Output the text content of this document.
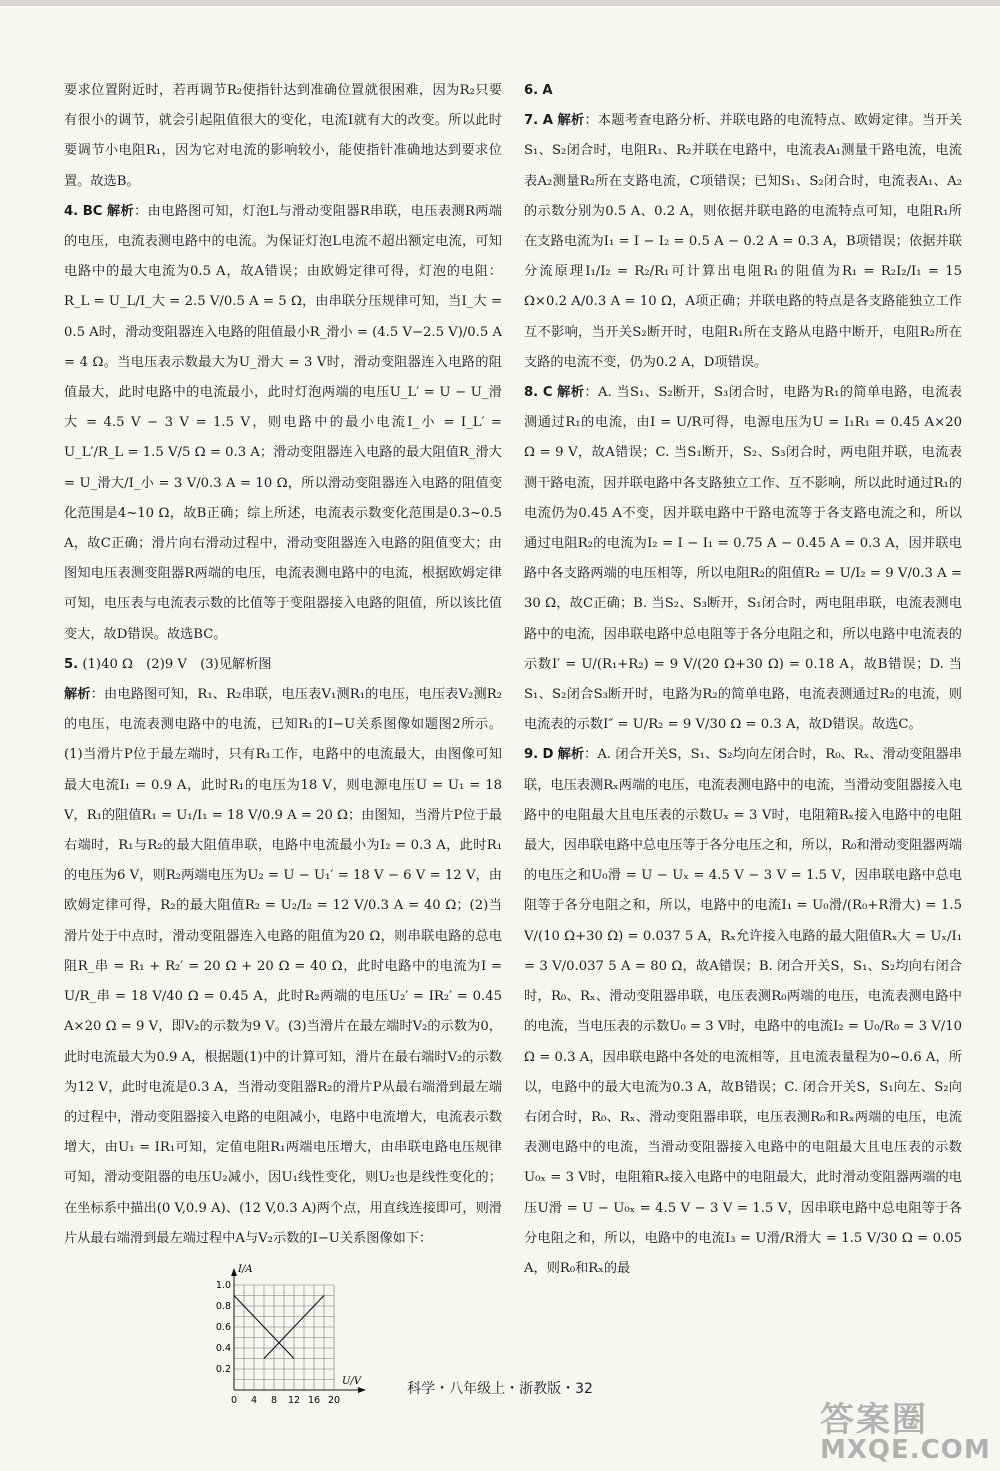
要求位置附近时，若再调节R₂使指针达到准确位置就很困难，因为R₂只要有很小的调节，就会引起阻值很大的变化，电流I就有大的改变。所以此时要调节小电阻R₁，因为它对电流的影响较小，能使指针准确地达到要求位置。故选B。

4. BC 解析：由电路图可知，灯泡L与滑动变阻器R串联，电压表测R两端的电压，电流表测电路中的电流。为保证灯泡L电流不超出额定电流，可知电路中的最大电流为0.5 A，故A错误；由欧姆定律可得，灯泡的电阻：R_L = U_L/I_大 = 2.5 V/0.5 A = 5 Ω，由串联分压规律可知，当I_大 = 0.5 A时，滑动变阻器连入电路的阻值最小R_滑小 = (4.5 V−2.5 V)/0.5 A = 4 Ω。当电压表示数最大为U_滑大 = 3 V时，滑动变阻器连入电路的阻值最大，此时电路中的电流最小，此时灯泡两端的电压U_L′ = U − U_滑大 = 4.5 V − 3 V = 1.5 V，则电路中的最小电流I_小 = I_L′ = U_L′/R_L = 1.5 V/5 Ω = 0.3 A；滑动变阻器连入电路的最大阻值R_滑大 = U_滑大/I_小 = 3 V/0.3 A = 10 Ω，所以滑动变阻器连入电路的阻值变化范围是4~10 Ω，故B正确；综上所述，电流表示数变化范围是0.3~0.5 A，故C正确；滑片向右滑动过程中，滑动变阻器连入电路的阻值变大；由图知电压表测变阻器R两端的电压，电流表测电路中的电流，根据欧姆定律可知，电压表与电流表示数的比值等于变阻器接入电路的阻值，所以该比值变大，故D错误。故选BC。

5. (1)40 Ω　(2)9 V　(3)见解析图
解析：由电路图可知，R₁、R₂串联，电压表V₁测R₁的电压，电压表V₂测R₂的电压，电流表测电路中的电流，已知R₁的I−U关系图像如题图2所示。(1)当滑片P位于最左端时，只有R₁工作，电路中的电流最大，由图像可知最大电流I₁ = 0.9 A，此时R₁的电压为18 V，则电源电压U = U₁ = 18 V，R₁的阻值R₁ = U₁/I₁ = 18 V/0.9 A = 20 Ω；由图知，当滑片P位于最右端时，R₁与R₂的最大阻值串联，电路中电流最小为I₂ = 0.3 A，此时R₁的电压为6 V，则R₂两端电压为U₂ = U − U₁′ = 18 V − 6 V = 12 V，由欧姆定律可得，R₂的最大阻值R₂ = U₂/I₂ = 12 V/0.3 A = 40 Ω；(2)当滑片处于中点时，滑动变阻器连入电路的阻值为20 Ω，则串联电路的总电阻R_串 = R₁ + R₂′ = 20 Ω + 20 Ω = 40 Ω，此时电路中的电流为I = U/R_串 = 18 V/40 Ω = 0.45 A，此时R₂两端的电压U₂′ = IR₂′ = 0.45 A×20 Ω = 9 V，即V₂的示数为9 V。(3)当滑片在最左端时V₂的示数为0，此时电流最大为0.9 A，根据题(1)中的计算可知，滑片在最右端时V₂的示数为12 V，此时电流是0.3 A，当滑动变阻器R₂的滑片P从最右端滑到最左端的过程中，滑动变阻器接入电路的电阻减小，电路中电流增大，电流表示数增大，由U₁ = IR₁可知，定值电阻R₁两端电压增大，由串联电路电压规律可知，滑动变阻器的电压U₂减小，因U₁线性变化，则U₂也是线性变化的；在坐标系中描出(0 V,0.9 A)、(12 V,0.3 A)两个点，用直线连接即可，则滑片从最右端滑到最左端过程中A与V₂示数的I−U关系图像如下：

I/A
U/V
1.0
0.8
0.6
0.4
0.2
0 4 8 12 16 20

6. A

7. A 解析：本题考查电路分析、并联电路的电流特点、欧姆定律。当开关S₁、S₂闭合时，电阻R₁、R₂并联在电路中，电流表A₁测量干路电流，电流表A₂测量R₂所在支路电流，C项错误；已知S₁、S₂闭合时，电流表A₁、A₂的示数分别为0.5 A、0.2 A，则依据并联电路的电流特点可知，电阻R₁所在支路电流为I₁ = I − I₂ = 0.5 A − 0.2 A = 0.3 A，B项错误；依据并联分流原理I₁/I₂ = R₂/R₁可计算出电阻R₁的阻值为R₁ = R₂I₂/I₁ = 15 Ω×0.2 A/0.3 A = 10 Ω，A项正确；并联电路的特点是各支路能独立工作互不影响，当开关S₂断开时，电阻R₁所在支路从电路中断开，电阻R₂所在支路的电流不变，仍为0.2 A，D项错误。

8. C 解析：A. 当S₁、S₂断开，S₃闭合时，电路为R₁的简单电路，电流表测通过R₁的电流，由I = U/R可得，电源电压为U = I₁R₁ = 0.45 A×20 Ω = 9 V，故A错误；C. 当S₁断开，S₂、S₃闭合时，两电阻并联，电流表测干路电流，因并联电路中各支路独立工作、互不影响，所以此时通过R₁的电流仍为0.45 A不变，因并联电路中干路电流等于各支路电流之和，所以通过电阻R₂的电流为I₂ = I − I₁ = 0.75 A − 0.45 A = 0.3 A，因并联电路中各支路两端的电压相等，所以电阻R₂的阻值R₂ = U/I₂ = 9 V/0.3 A = 30 Ω，故C正确；B. 当S₂、S₃断开，S₁闭合时，两电阻串联，电流表测电路中的电流，因串联电路中总电阻等于各分电阻之和，所以电路中电流表的示数I′ = U/(R₁+R₂) = 9 V/(20 Ω+30 Ω) = 0.18 A，故B错误；D. 当S₁、S₂闭合S₃断开时，电路为R₂的简单电路，电流表测通过R₂的电流，则电流表的示数I″ = U/R₂ = 9 V/30 Ω = 0.3 A，故D错误。故选C。

9. D 解析：A. 闭合开关S，S₁、S₂均向左闭合时，R₀、Rₓ、滑动变阻器串联，电压表测Rₓ两端的电压，电流表测电路中的电流，当滑动变阻器接入电路中的电阻最大且电压表的示数Uₓ = 3 V时，电阻箱Rₓ接入电路中的电阻最大，因串联电路中总电压等于各分电压之和，所以，R₀和滑动变阻器两端的电压之和U₀滑 = U − Uₓ = 4.5 V − 3 V = 1.5 V，因串联电路中总电阻等于各分电阻之和，所以，电路中的电流I₁ = U₀滑/(R₀+R滑大) = 1.5 V/(10 Ω+30 Ω) = 0.037 5 A，Rₓ允许接入电路的最大阻值Rₓ大 = Uₓ/I₁ = 3 V/0.037 5 A = 80 Ω，故A错误；B. 闭合开关S，S₁、S₂均向右闭合时，R₀、Rₓ、滑动变阻器串联，电压表测R₀两端的电压，电流表测电路中的电流，当电压表的示数U₀ = 3 V时，电路中的电流I₂ = U₀/R₀ = 3 V/10 Ω = 0.3 A，因串联电路中各处的电流相等，且电流表量程为0~0.6 A，所以，电路中的最大电流为0.3 A，故B错误；C. 闭合开关S，S₁向左、S₂向右闭合时，R₀、Rₓ、滑动变阻器串联，电压表测R₀和Rₓ两端的电压，电流表测电路中的电流，当滑动变阻器接入电路中的电阻最大且电压表的示数U₀ₓ = 3 V时，电阻箱Rₓ接入电路中的电阻最大，此时滑动变阻器两端的电压U滑 = U − U₀ₓ = 4.5 V − 3 V = 1.5 V，因串联电路中总电阻等于各分电阻之和，所以，电路中的电流I₃ = U滑/R滑大 = 1.5 V/30 Ω = 0.05 A，则R₀和Rₓ的最

科学・八年级上・浙教版・32
答案圈
MXQE.COM
